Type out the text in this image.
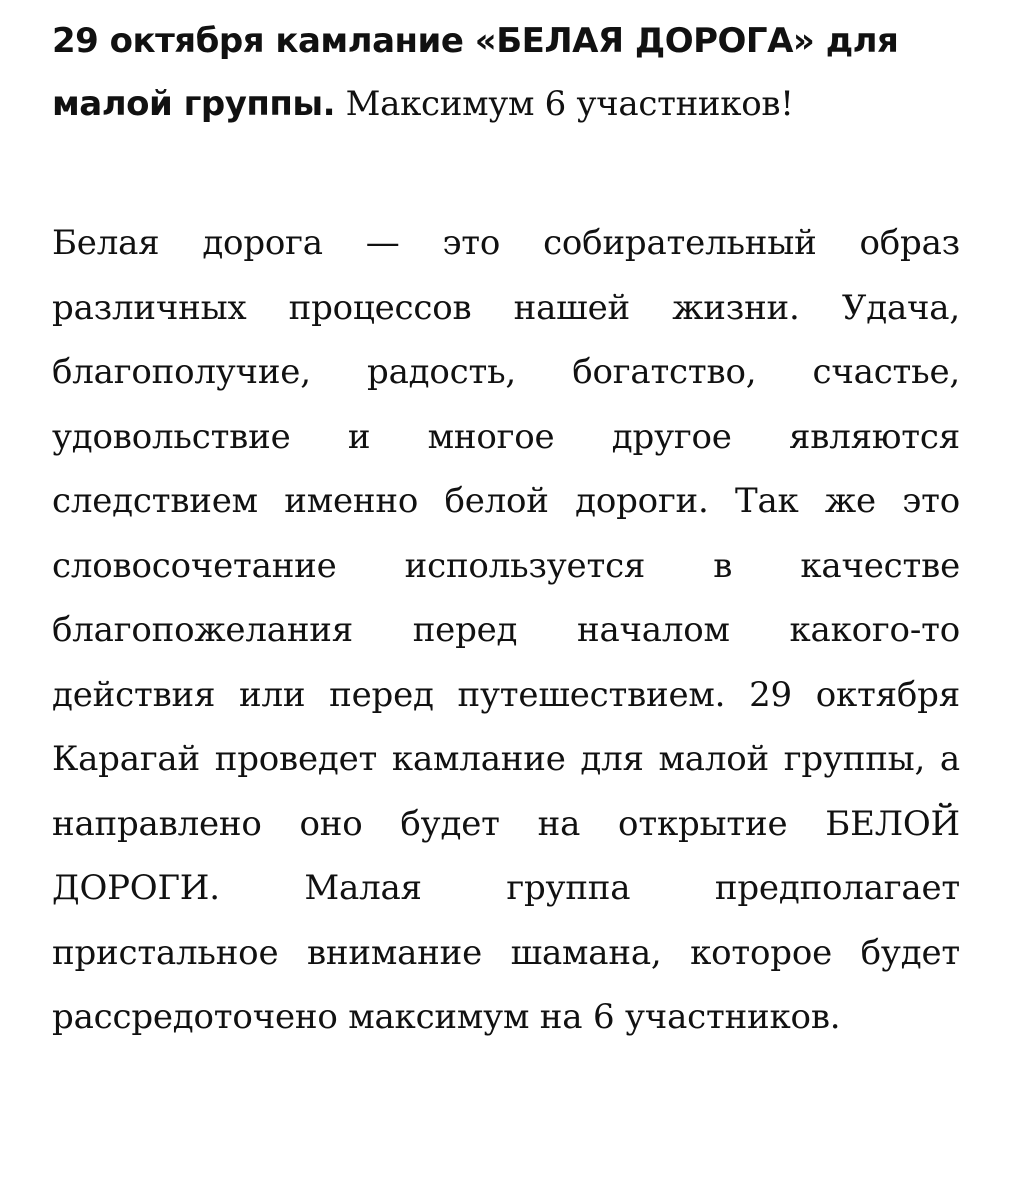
29 октября камлание «БЕЛАЯ ДОРОГА» для малой группы. Максимум 6 участников!

Белая дорога — это собирательный образ различных процессов нашей жизни. Удача, благополучие, радость, богатство, счастье, удовольствие и многое другое являются следствием именно белой дороги. Так же это словосочетание используется в качестве благопожелания перед началом какого-то действия или перед путешествием. 29 октября Карагай проведет камлание для малой группы, а направлено оно будет на открытие БЕЛОЙ ДОРОГИ. Малая группа предполагает пристальное внимание шамана, которое будет рассредоточено максимум на 6 участников.
